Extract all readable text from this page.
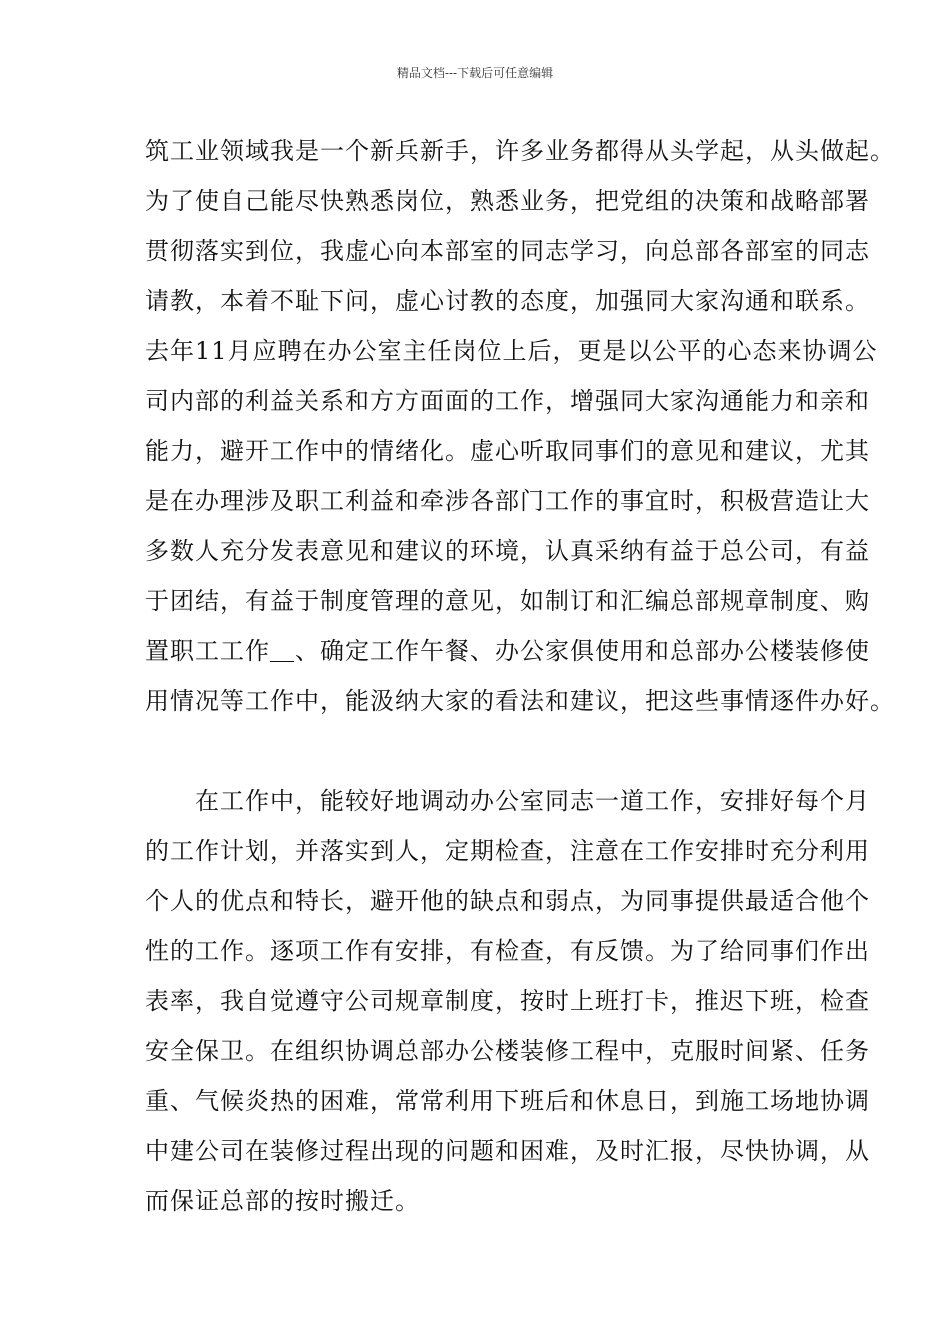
精品文档---下载后可任意编辑
筑工业领域我是一个新兵新手，许多业务都得从头学起，从头做起。
为了使自己能尽快熟悉岗位，熟悉业务，把党组的决策和战略部署
贯彻落实到位，我虚心向本部室的同志学习，向总部各部室的同志
请教，本着不耻下问，虚心讨教的态度，加强同大家沟通和联系。
去年11月应聘在办公室主任岗位上后，更是以公平的心态来协调公
司内部的利益关系和方方面面的工作，增强同大家沟通能力和亲和
能力，避开工作中的情绪化。虚心听取同事们的意见和建议，尤其
是在办理涉及职工利益和牵涉各部门工作的事宜时，积极营造让大
多数人充分发表意见和建议的环境，认真采纳有益于总公司，有益
于团结，有益于制度管理的意见，如制订和汇编总部规章制度、购
置职工工作＿、确定工作午餐、办公家俱使用和总部办公楼装修使
用情况等工作中，能汲纳大家的看法和建议，把这些事情逐件办好。
　　在工作中，能较好地调动办公室同志一道工作，安排好每个月
的工作计划，并落实到人，定期检查，注意在工作安排时充分利用
个人的优点和特长，避开他的缺点和弱点，为同事提供最适合他个
性的工作。逐项工作有安排，有检查，有反馈。为了给同事们作出
表率，我自觉遵守公司规章制度，按时上班打卡，推迟下班，检查
安全保卫。在组织协调总部办公楼装修工程中，克服时间紧、任务
重、气候炎热的困难，常常利用下班后和休息日，到施工场地协调
中建公司在装修过程出现的问题和困难，及时汇报，尽快协调，从
而保证总部的按时搬迁。
